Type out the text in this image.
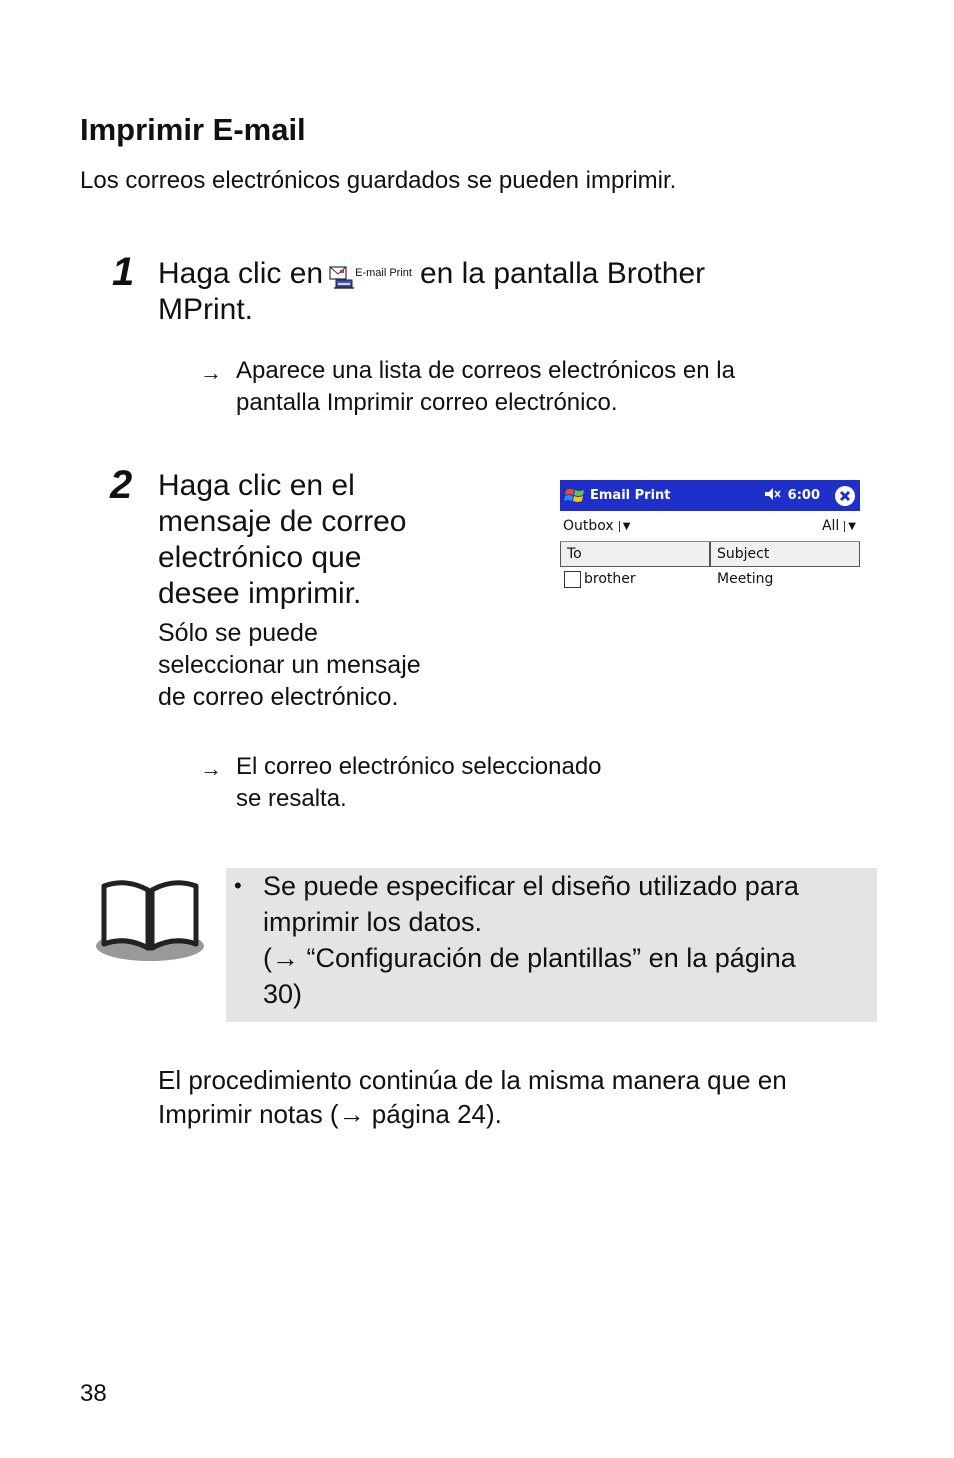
Imprimir E-mail
Los correos electrónicos guardados se pueden imprimir.
1 Haga clic en	E-mail Print en la pantalla Brother
MPrint.
→ Aparece una lista de correos electrónicos en la
pantalla Imprimir correo electrónico.
2 Haga clic en el
mensaje de correo
electrónico que
desee imprimir.
Sólo se puede
seleccionar un mensaje
de correo electrónico.
Email Print	6:00
Outbox ▼	All ▼
To	Subject
brother	Meeting
→ El correo electrónico seleccionado
se resalta.
• Se puede especificar el diseño utilizado para
imprimir los datos.
(→ “Configuración de plantillas” en la página
30)
El procedimiento continúa de la misma manera que en
Imprimir notas (→ página 24).
38
